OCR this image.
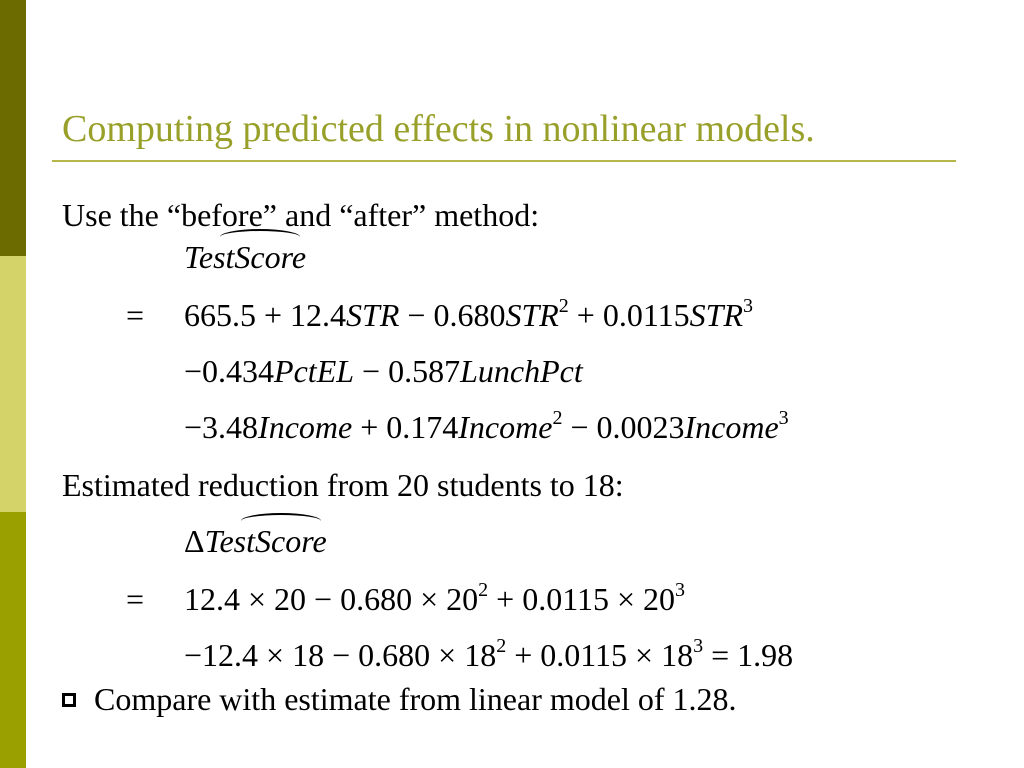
Computing predicted effects in nonlinear models.
Use the “before” and “after” method:
TestScore
= $665.5 + 12.4STR - 0.680STR^2 + 0.0115STR^3$
−0.434PctEL − 0.587LunchPct
−3.48Income + 0.174Income$^2$ − 0.0023Income$^3$
Estimated reduction from 20 students to 18:
Δ
TestScore
= $12.4 \times 20 - 0.680 \times 20^2 + 0.0115 \times 20^3$
$-12.4 \times 18 - 0.680 \times 18^2 + 0.0115 \times 18^3 = 1.98$
Compare with estimate from linear model of 1.28.
